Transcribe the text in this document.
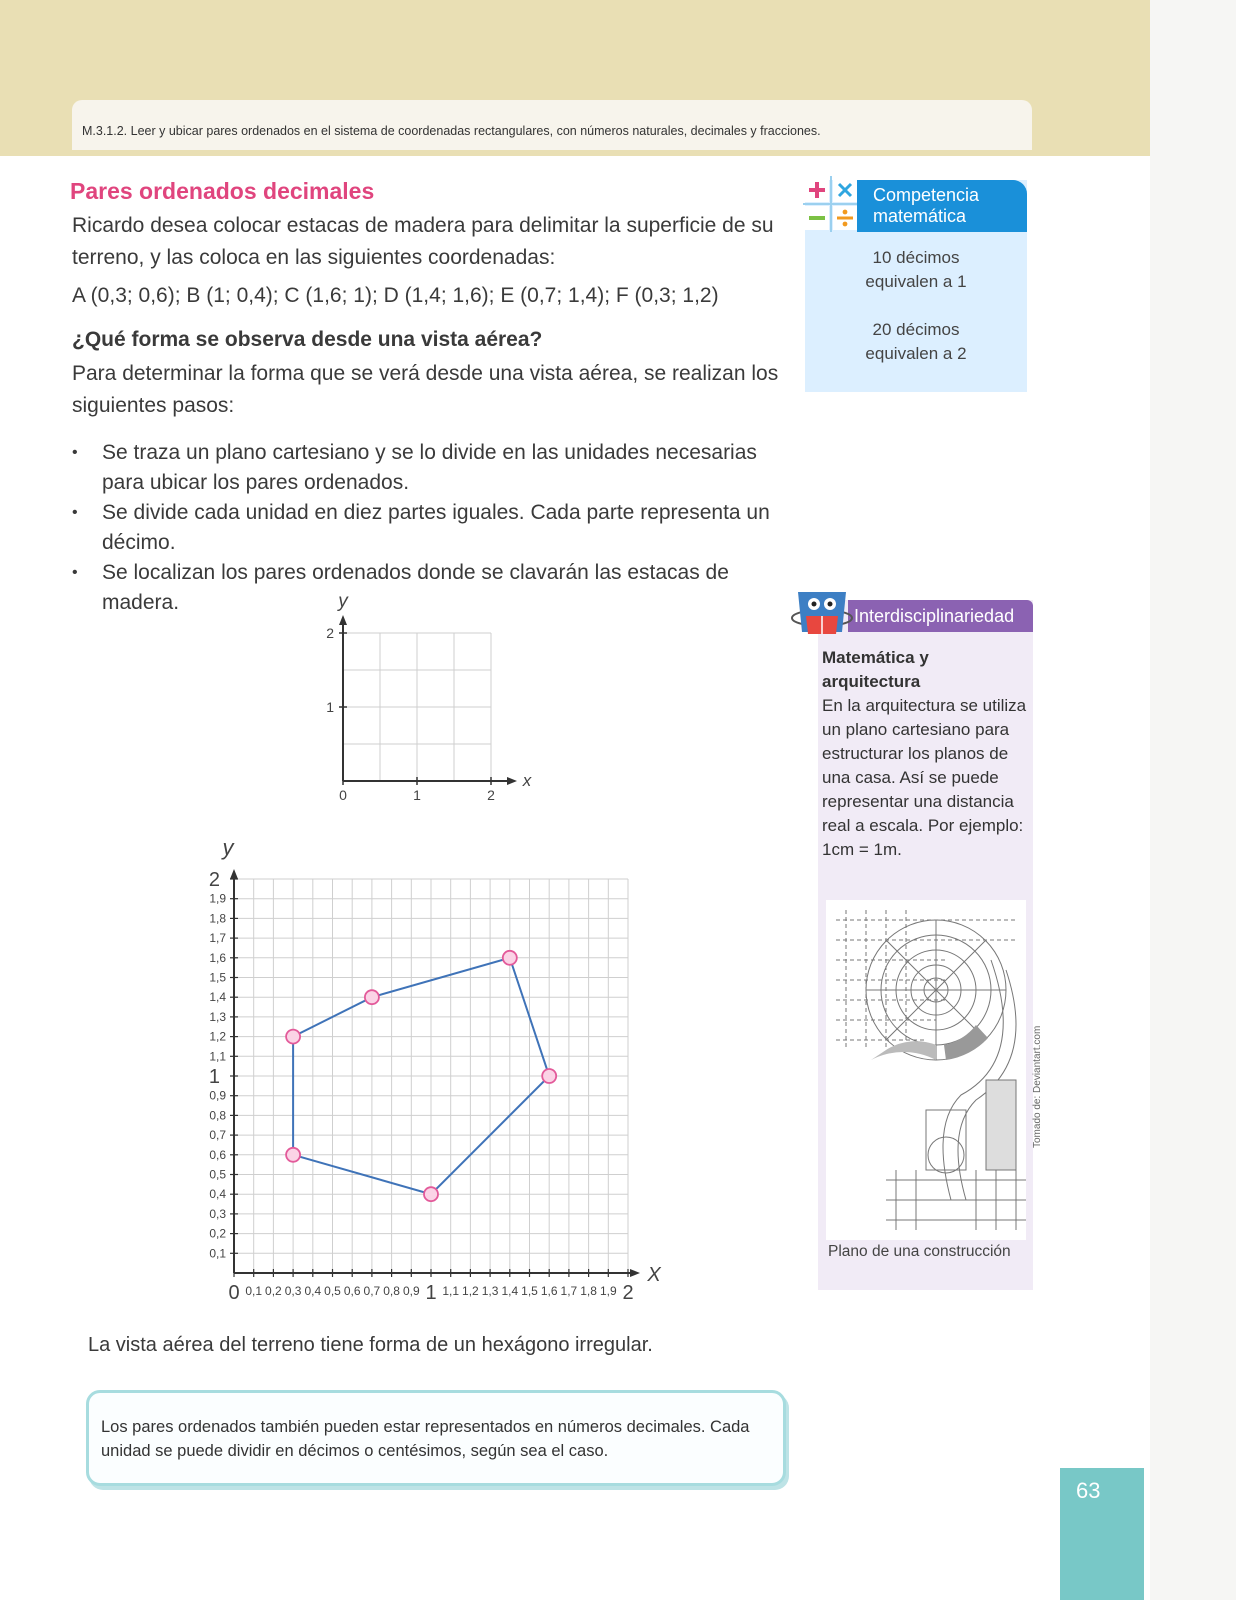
M.3.1.2. Leer y ubicar pares ordenados en el sistema de coordenadas rectangulares, con números naturales, decimales y fracciones.
Pares ordenados decimales
Ricardo desea colocar estacas de madera para delimitar la superficie de su terreno, y las coloca en las siguientes coordenadas:
A (0,3; 0,6); B (1; 0,4); C (1,6; 1); D (1,4; 1,6); E (0,7; 1,4); F (0,3; 1,2)
¿Qué forma se observa desde una vista aérea?
Para determinar la forma que se verá desde una vista aérea, se realizan los siguientes pasos:
• Se traza un plano cartesiano y se lo divide en las unidades necesarias para ubicar los pares ordenados.
• Se divide cada unidad en diez partes iguales. Cada parte representa un décimo.
• Se localizan los pares ordenados donde se clavarán las estacas de madera.
Competencia matemática
10 décimos equivalen a 1
20 décimos equivalen a 2
Interdisciplinariedad
Matemática y arquitectura
En la arquitectura se utiliza un plano cartesiano para estructurar los planos de una casa. Así se puede representar una distancia real a escala. Por ejemplo: 1cm = 1m.
Plano de una construcción
Tomado de: Deviantart.com
0	1	2
1
2
x
y
0 0,1 0,2 0,3 0,4 0,5 0,6 0,7 0,8 0,9 1 1,1 1,2 1,3 1,4 1,5 1,6 1,7 1,8 1,9 2
0,1
0,2
0,3
0,4
0,5
0,6
0,7
0,8
0,9
1
1,1
1,2
1,3
1,4
1,5
1,6
1,7
1,8
1,9
2
X
y
La vista aérea del terreno tiene forma de un hexágono irregular.

Los pares ordenados también pueden estar representados en números decimales. Cada unidad se puede dividir en décimos o centésimos, según sea el caso.

63
